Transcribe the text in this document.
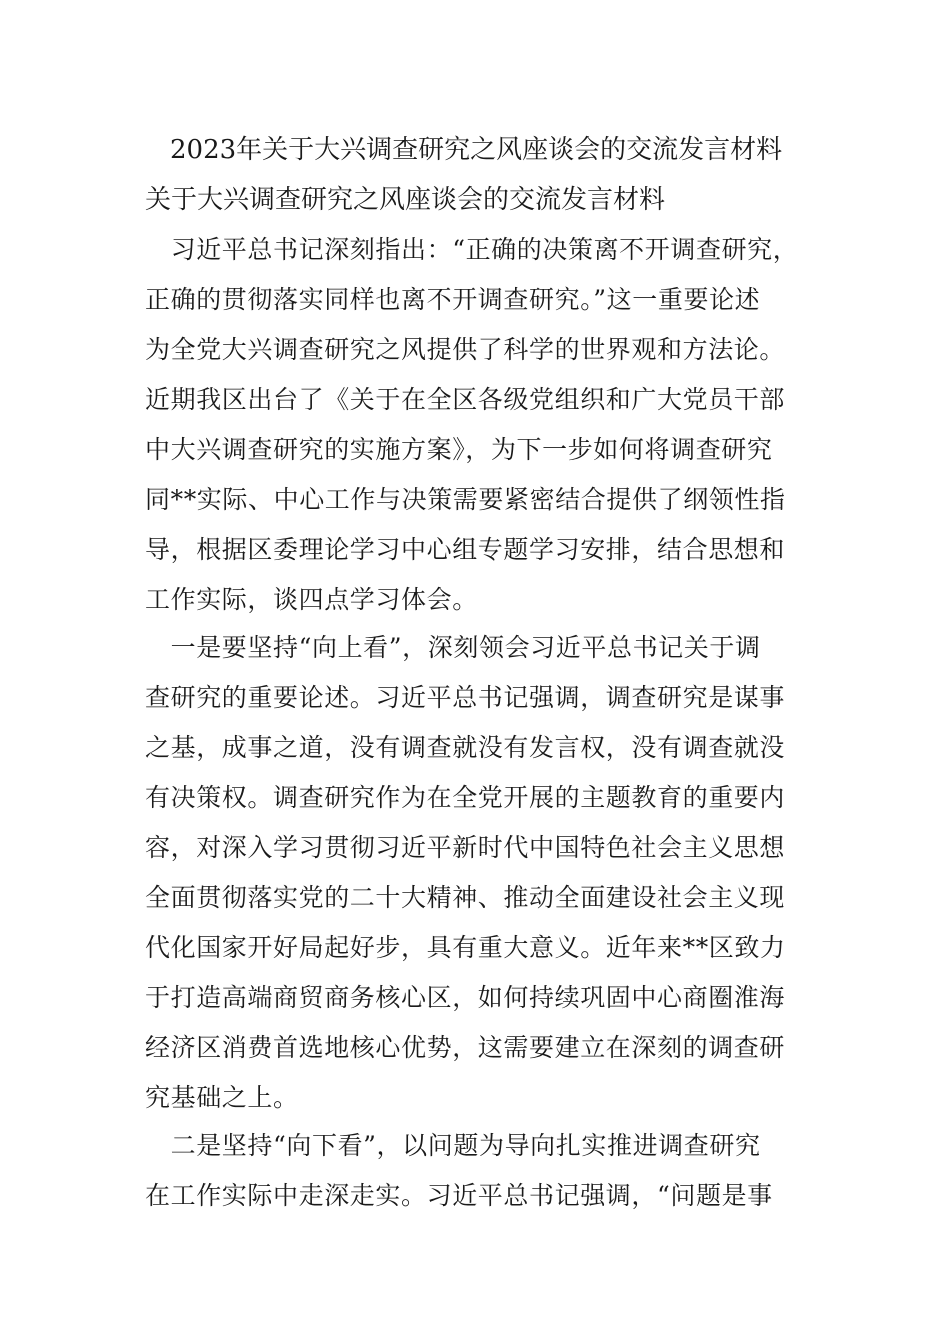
2023年关于大兴调查研究之风座谈会的交流发言材料
关于大兴调查研究之风座谈会的交流发言材料
　习近平总书记深刻指出：“正确的决策离不开调查研究，
正确的贯彻落实同样也离不开调查研究。”这一重要论述
为全党大兴调查研究之风提供了科学的世界观和方法论。
近期我区出台了《关于在全区各级党组织和广大党员干部
中大兴调查研究的实施方案》，为下一步如何将调查研究
同**实际、中心工作与决策需要紧密结合提供了纲领性指
导，根据区委理论学习中心组专题学习安排，结合思想和
工作实际，谈四点学习体会。
　一是要坚持“向上看”，深刻领会习近平总书记关于调
查研究的重要论述。习近平总书记强调，调查研究是谋事
之基，成事之道，没有调查就没有发言权，没有调查就没
有决策权。调查研究作为在全党开展的主题教育的重要内
容，对深入学习贯彻习近平新时代中国特色社会主义思想
全面贯彻落实党的二十大精神、推动全面建设社会主义现
代化国家开好局起好步，具有重大意义。近年来**区致力
于打造高端商贸商务核心区，如何持续巩固中心商圈淮海
经济区消费首选地核心优势，这需要建立在深刻的调查研
究基础之上。
　二是坚持“向下看”，以问题为导向扎实推进调查研究
在工作实际中走深走实。习近平总书记强调，“问题是事
